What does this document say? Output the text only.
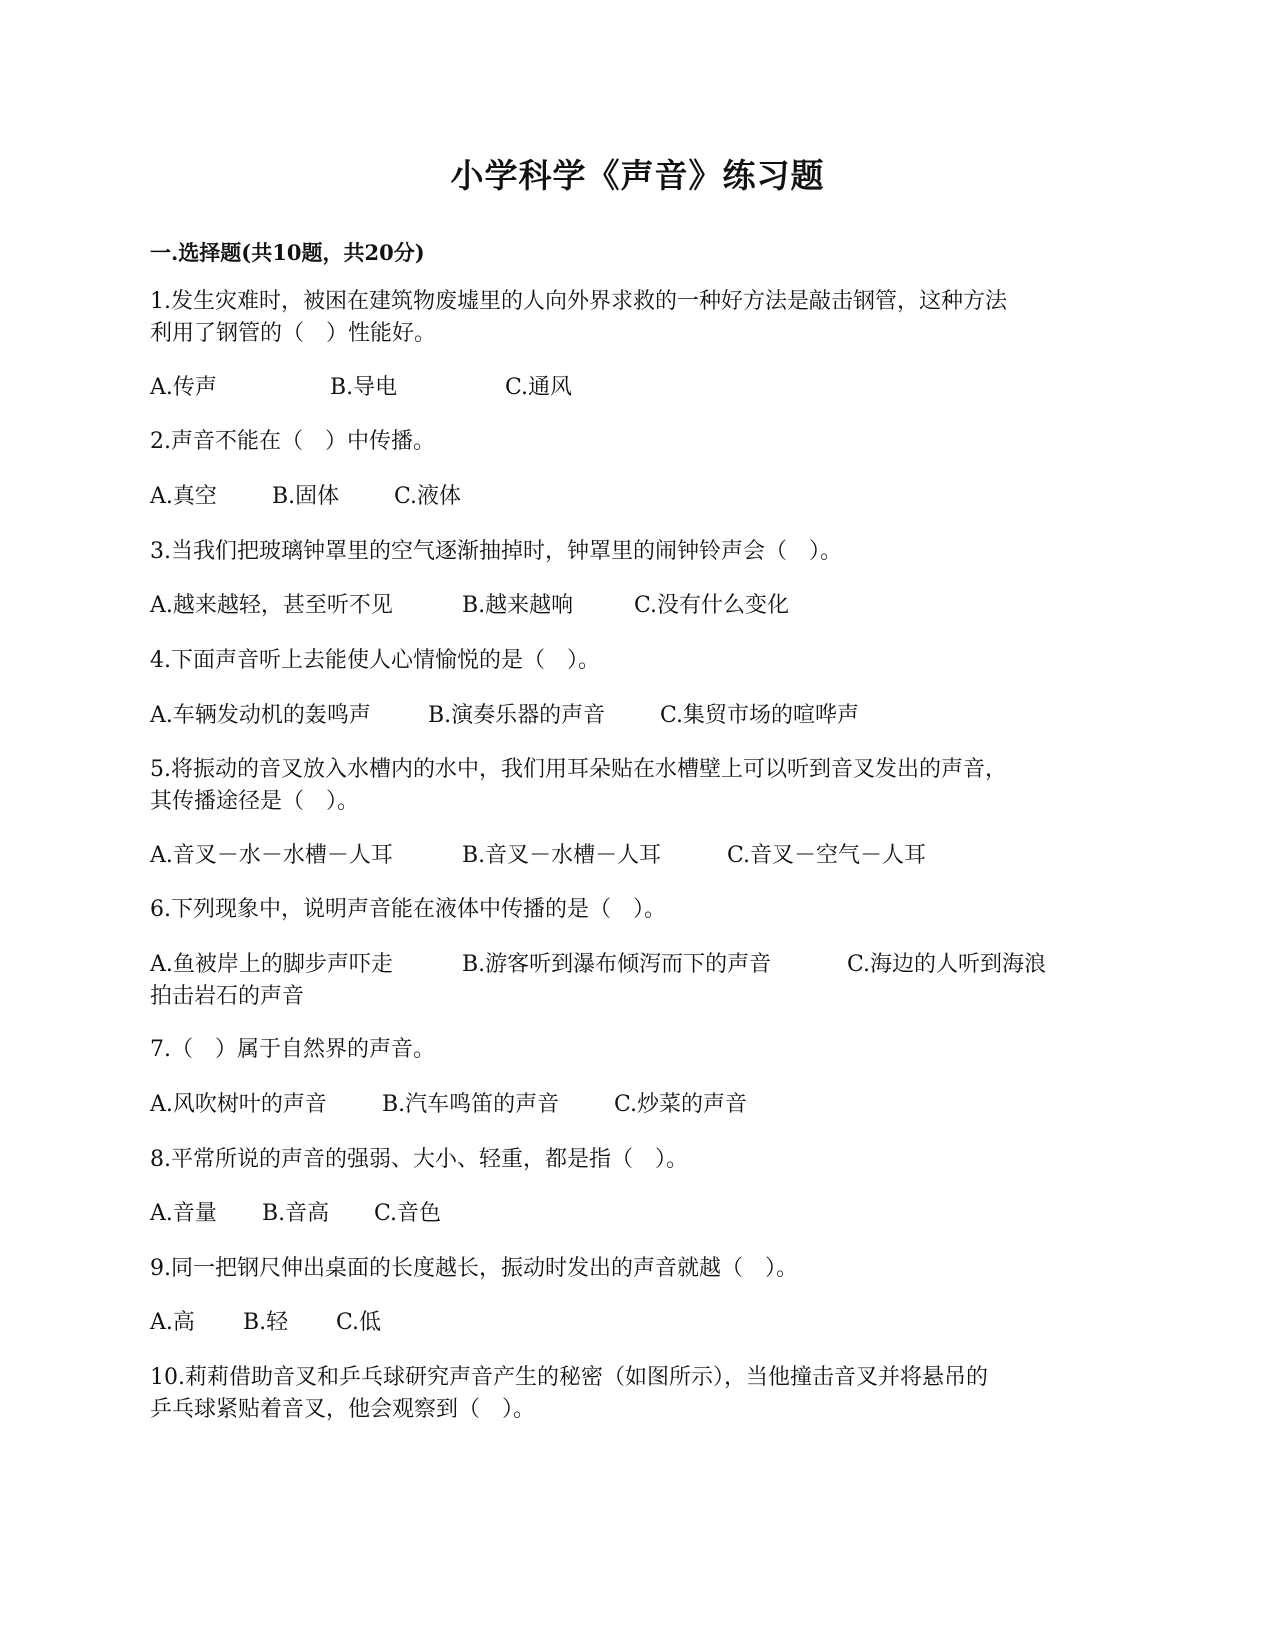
小学科学《声音》练习题
一.选择题(共10题，共20分)
1.发生灾难时，被困在建筑物废墟里的人向外界求救的一种好方法是敲击钢管，这种方法
利用了钢管的（　）性能好。
A.传声	B.导电	C.通风
2.声音不能在（　）中传播。
A.真空	B.固体 C.液体
3.当我们把玻璃钟罩里的空气逐渐抽掉时，钟罩里的闹钟铃声会（　）。
A.越来越轻，甚至听不见	B.越来越响	C.没有什么变化
4.下面声音听上去能使人心情愉悦的是（　）。
A.车辆发动机的轰鸣声	B.演奏乐器的声音 C.集贸市场的喧哗声
5.将振动的音叉放入水槽内的水中，我们用耳朵贴在水槽壁上可以听到音叉发出的声音，
其传播途径是（　）。
A.音叉－水－水槽－人耳	B.音叉－水槽－人耳	C.音叉－空气－人耳
6.下列现象中，说明声音能在液体中传播的是（　）。
A.鱼被岸上的脚步声吓走	B.游客听到瀑布倾泻而下的声音	C.海边的人听到海浪
拍击岩石的声音
7.（　）属于自然界的声音。
A.风吹树叶的声音	B.汽车鸣笛的声音 C.炒菜的声音
8.平常所说的声音的强弱、大小、轻重，都是指（　）。
A.音量 B.音高 C.音色
9.同一把钢尺伸出桌面的长度越长，振动时发出的声音就越（　）。
A.高 B.轻 C.低
10.莉莉借助音叉和乒乓球研究声音产生的秘密（如图所示），当他撞击音叉并将悬吊的
乒乓球紧贴着音叉，他会观察到（　）。
